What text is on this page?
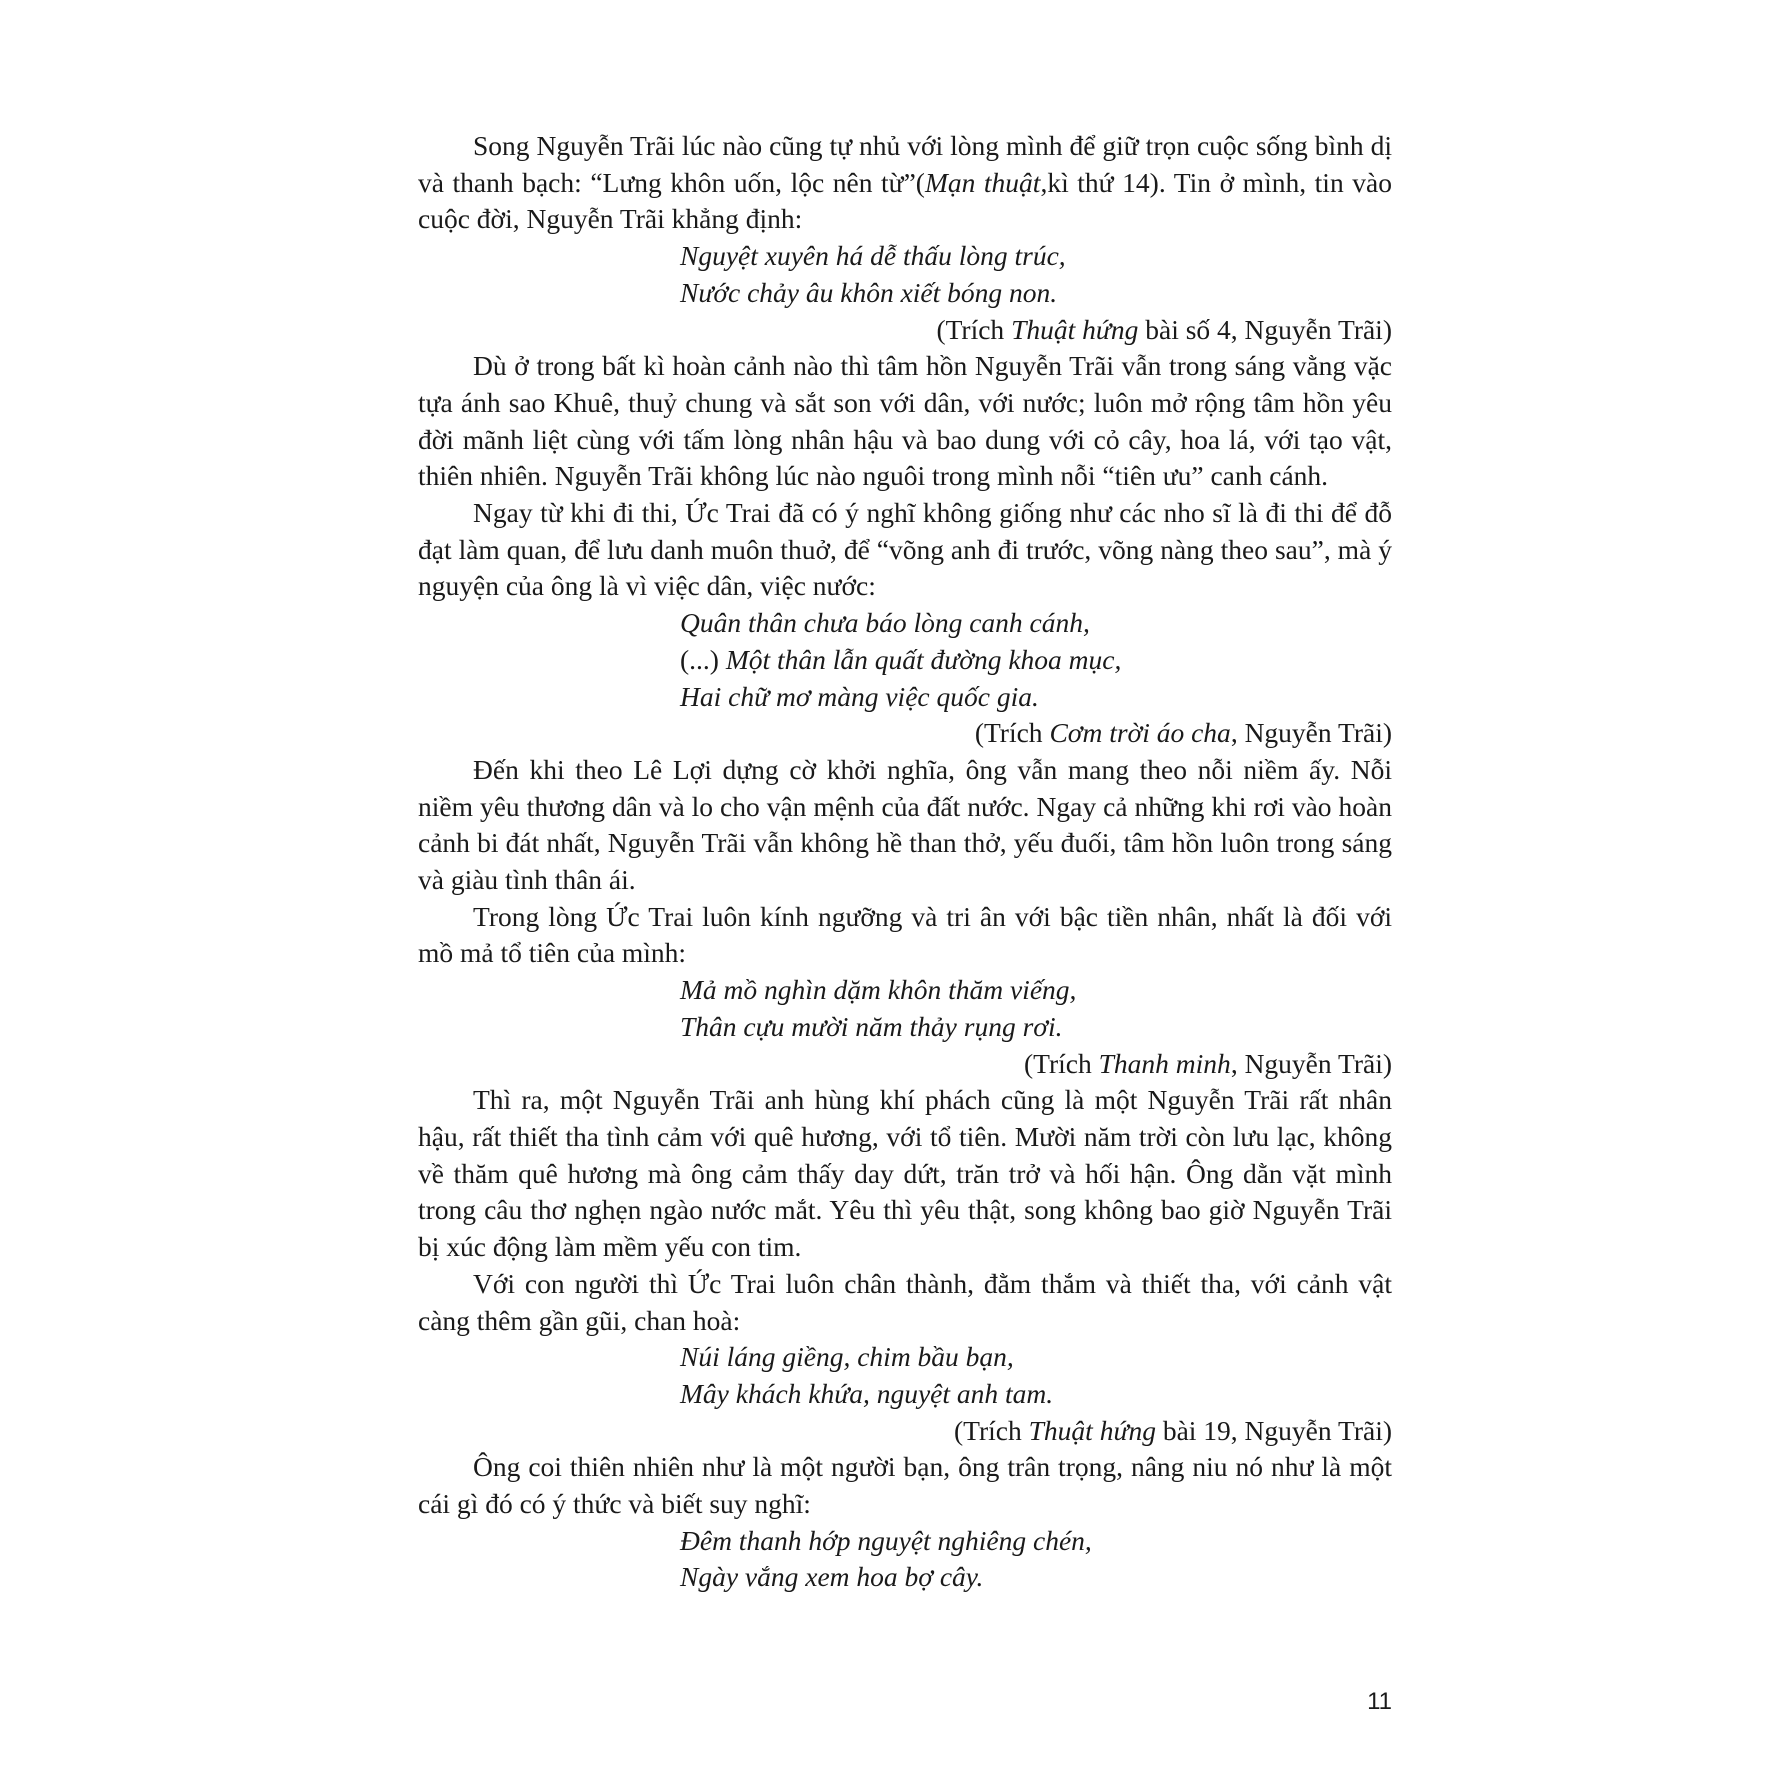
Song Nguyễn Trãi lúc nào cũng tự nhủ với lòng mình để giữ trọn cuộc sống bình dị và thanh bạch: “Lưng khôn uốn, lộc nên từ”(Mạn thuật,kì thứ 14). Tin ở mình, tin vào cuộc đời, Nguyễn Trãi khẳng định:

Nguyệt xuyên há dễ thấu lòng trúc,
Nước chảy âu khôn xiết bóng non.

(Trích Thuật hứng bài số 4, Nguyễn Trãi)

Dù ở trong bất kì hoàn cảnh nào thì tâm hồn Nguyễn Trãi vẫn trong sáng vằng vặc tựa ánh sao Khuê, thuỷ chung và sắt son với dân, với nước; luôn mở rộng tâm hồn yêu đời mãnh liệt cùng với tấm lòng nhân hậu và bao dung với cỏ cây, hoa lá, với tạo vật, thiên nhiên. Nguyễn Trãi không lúc nào nguôi trong mình nỗi “tiên ưu” canh cánh.

Ngay từ khi đi thi, Ức Trai đã có ý nghĩ không giống như các nho sĩ là đi thi để đỗ đạt làm quan, để lưu danh muôn thuở, để “võng anh đi trước, võng nàng theo sau”, mà ý nguyện của ông là vì việc dân, việc nước:

Quân thân chưa báo lòng canh cánh,
(...) Một thân lẫn quất đường khoa mục,
Hai chữ mơ màng việc quốc gia.

(Trích Cơm trời áo cha, Nguyễn Trãi)

Đến khi theo Lê Lợi dựng cờ khởi nghĩa, ông vẫn mang theo nỗi niềm ấy. Nỗi niềm yêu thương dân và lo cho vận mệnh của đất nước. Ngay cả những khi rơi vào hoàn cảnh bi đát nhất, Nguyễn Trãi vẫn không hề than thở, yếu đuối, tâm hồn luôn trong sáng và giàu tình thân ái.

Trong lòng Ức Trai luôn kính ngưỡng và tri ân với bậc tiền nhân, nhất là đối với mồ mả tổ tiên của mình:

Mả mồ nghìn dặm khôn thăm viếng,
Thân cựu mười năm thảy rụng rơi.

(Trích Thanh minh, Nguyễn Trãi)

Thì ra, một Nguyễn Trãi anh hùng khí phách cũng là một Nguyễn Trãi rất nhân hậu, rất thiết tha tình cảm với quê hương, với tổ tiên. Mười năm trời còn lưu lạc, không về thăm quê hương mà ông cảm thấy day dứt, trăn trở và hối hận. Ông dằn vặt mình trong câu thơ nghẹn ngào nước mắt. Yêu thì yêu thật, song không bao giờ Nguyễn Trãi bị xúc động làm mềm yếu con tim.

Với con người thì Ức Trai luôn chân thành, đằm thắm và thiết tha, với cảnh vật càng thêm gần gũi, chan hoà:

Núi láng giềng, chim bầu bạn,
Mây khách khứa, nguyệt anh tam.

(Trích Thuật hứng bài 19, Nguyễn Trãi)

Ông coi thiên nhiên như là một người bạn, ông trân trọng, nâng niu nó như là một cái gì đó có ý thức và biết suy nghĩ:

Đêm thanh hớp nguyệt nghiêng chén,
Ngày vắng xem hoa bợ cây.
11
